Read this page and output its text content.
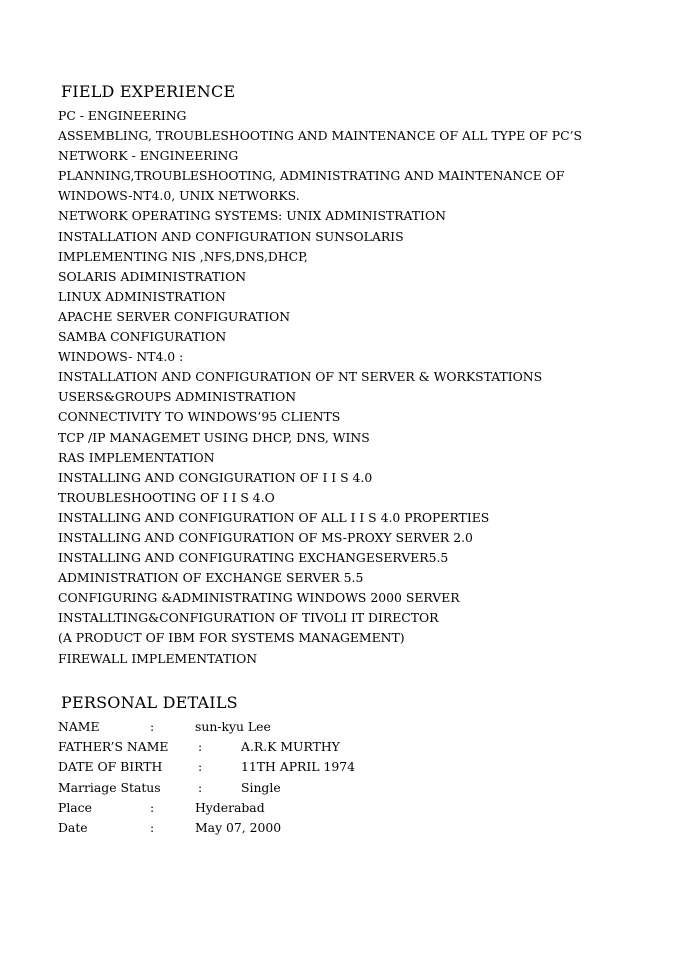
FIELD EXPERIENCE
PC - ENGINEERING
ASSEMBLING, TROUBLESHOOTING AND MAINTENANCE OF ALL TYPE OF PC’S
NETWORK - ENGINEERING
PLANNING,TROUBLESHOOTING, ADMINISTRATING AND MAINTENANCE OF
WINDOWS-NT4.0, UNIX NETWORKS.
NETWORK OPERATING SYSTEMS: UNIX ADMINISTRATION
INSTALLATION AND CONFIGURATION SUNSOLARIS
IMPLEMENTING NIS ,NFS,DNS,DHCP,
SOLARIS ADIMINISTRATION
LINUX ADMINISTRATION
APACHE SERVER CONFIGURATION
SAMBA CONFIGURATION
WINDOWS- NT4.0 :
INSTALLATION AND CONFIGURATION OF NT SERVER & WORKSTATIONS
USERS&GROUPS ADMINISTRATION
CONNECTIVITY TO WINDOWS’95 CLIENTS
TCP /IP MANAGEMET USING DHCP, DNS, WINS
RAS IMPLEMENTATION
INSTALLING AND CONGIGURATION OF I I S 4.0
TROUBLESHOOTING OF I I S 4.O
INSTALLING AND CONFIGURATION OF ALL I I S 4.0 PROPERTIES
INSTALLING AND CONFIGURATION OF MS-PROXY SERVER 2.0
INSTALLING AND CONFIGURATING EXCHANGESERVER5.5
ADMINISTRATION OF EXCHANGE SERVER 5.5
CONFIGURING &ADMINISTRATING WINDOWS 2000 SERVER
INSTALLTING&CONFIGURATION OF TIVOLI IT DIRECTOR
(A PRODUCT OF IBM FOR SYSTEMS MANAGEMENT)
FIREWALL IMPLEMENTATION
PERSONAL DETAILS
NAME	:	sun-kyu Lee
FATHER’S NAME :	A.R.K MURTHY
DATE OF BIRTH	:	11TH APRIL 1974
Marriage Status	:	Single
Place	:	Hyderabad
Date	:	May 07, 2000
